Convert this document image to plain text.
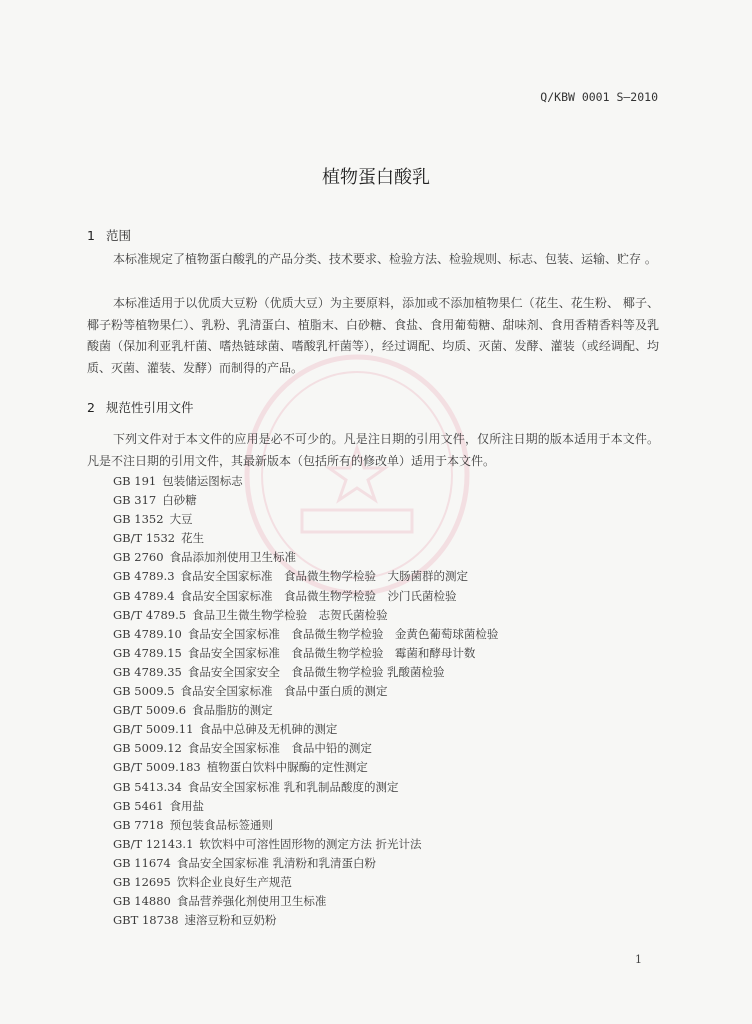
Q/KBW 0001 S—2010
植物蛋白酸乳
1 范围

本标准规定了植物蛋白酸乳的产品分类、技术要求、检验方法、检验规则、标志、包装、运输、贮存 。

本标准适用于以优质大豆粉（优质大豆）为主要原料，添加或不添加植物果仁（花生、花生粉、 椰子、椰子粉等植物果仁）、乳粉、乳清蛋白、植脂末、白砂糖、食盐、食用葡萄糖、甜味剂、食用香精香料等及乳酸菌（保加利亚乳杆菌、嗜热链球菌、嗜酸乳杆菌等），经过调配、均质、灭菌、发酵、灌装（或经调配、均质、灭菌、灌装、发酵）而制得的产品。

2 规范性引用文件

下列文件对于本文件的应用是必不可少的。凡是注日期的引用文件，仅所注日期的版本适用于本文件。凡是不注日期的引用文件，其最新版本（包括所有的修改单）适用于本文件。

GB 191 包装储运图标志
GB 317 白砂糖
GB 1352 大豆
GB/T 1532 花生
GB 2760 食品添加剂使用卫生标准
GB 4789.3 食品安全国家标准　食品微生物学检验　大肠菌群的测定
GB 4789.4 食品安全国家标准　食品微生物学检验　沙门氏菌检验
GB/T 4789.5 食品卫生微生物学检验　志贺氏菌检验
GB 4789.10 食品安全国家标准　食品微生物学检验　金黄色葡萄球菌检验
GB 4789.15 食品安全国家标准　食品微生物学检验　霉菌和酵母计数
GB 4789.35 食品安全国家安全　食品微生物学检验 乳酸菌检验
GB 5009.5 食品安全国家标准　食品中蛋白质的测定
GB/T 5009.6 食品脂肪的测定
GB/T 5009.11 食品中总砷及无机砷的测定
GB 5009.12 食品安全国家标准　食品中铅的测定
GB/T 5009.183 植物蛋白饮料中脲酶的定性测定
GB 5413.34 食品安全国家标准 乳和乳制品酸度的测定
GB 5461 食用盐
GB 7718 预包装食品标签通则
GB/T 12143.1 软饮料中可溶性固形物的测定方法 折光计法
GB 11674 食品安全国家标准 乳清粉和乳清蛋白粉
GB 12695 饮料企业良好生产规范
GB 14880 食品营养强化剂使用卫生标准
GBT 18738 速溶豆粉和豆奶粉
1
